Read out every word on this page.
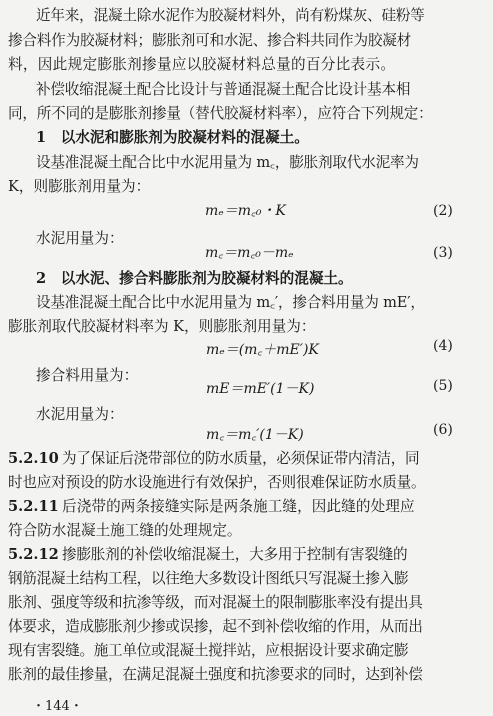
近年来，混凝土除水泥作为胶凝材料外，尚有粉煤灰、硅粉等
掺合料作为胶凝材料；膨胀剂可和水泥、掺合料共同作为胶凝材
料，因此规定膨胀剂掺量应以胶凝材料总量的百分比表示。
补偿收缩混凝土配合比设计与普通混凝土配合比设计基本相
同，所不同的是膨胀剂掺量（替代胶凝材料率），应符合下列规定：
1　以水泥和膨胀剂为胶凝材料的混凝土。
设基准混凝土配合比中水泥用量为 m꜀，膨胀剂取代水泥率为
K，则膨胀剂用量为：
mₑ＝m꜀₀・K	(2)
水泥用量为：
m꜀＝m꜀₀－mₑ	(3)
2　以水泥、掺合料膨胀剂为胶凝材料的混凝土。
设基准混凝土配合比中水泥用量为 m꜀′，掺合料用量为 mE′，
膨胀剂取代胶凝材料率为 K，则膨胀剂用量为：
mₑ＝(m꜀＋mE′)K	(4)
掺合料用量为：
mE＝mE′(1－K)	(5)
水泥用量为：
m꜀＝m꜀′(1－K)	(6)
5.2.10 为了保证后浇带部位的防水质量，必须保证带内清洁，同
时也应对预设的防水设施进行有效保护，否则很难保证防水质量。
5.2.11 后浇带的两条接缝实际是两条施工缝，因此缝的处理应
符合防水混凝土施工缝的处理规定。
5.2.12 掺膨胀剂的补偿收缩混凝土，大多用于控制有害裂缝的
钢筋混凝土结构工程，以往绝大多数设计图纸只写混凝土掺入膨
胀剂、强度等级和抗渗等级，而对混凝土的限制膨胀率没有提出具
体要求，造成膨胀剂少掺或误掺，起不到补偿收缩的作用，从而出
现有害裂缝。施工单位或混凝土搅拌站，应根据设计要求确定膨
胀剂的最佳掺量，在满足混凝土强度和抗渗要求的同时，达到补偿
・144・
